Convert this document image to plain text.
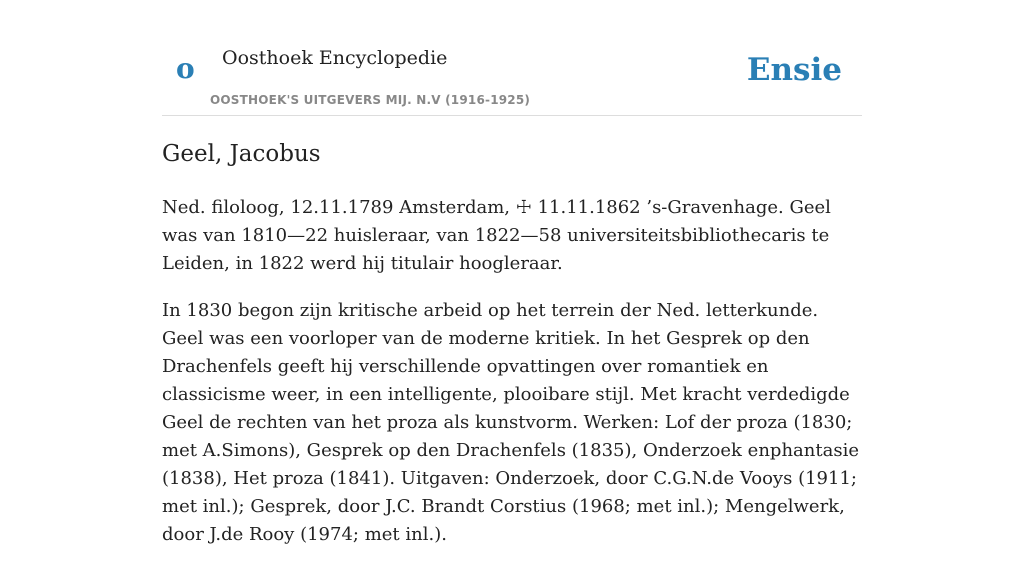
o Oosthoek Encyclopedie
OOSTHOEK'S UITGEVERS MIJ. N.V (1916-1925)
Ensie
Geel, Jacobus

Ned. filoloog, 12.11.1789 Amsterdam, ☩ 11.11.1862 ’s-Gravenhage. Geel was van 1810—22 huisleraar, van 1822—58 universiteitsbibliothecaris te Leiden, in 1822 werd hij titulair hoogleraar.

In 1830 begon zijn kritische arbeid op het terrein der Ned. letterkunde. Geel was een voorloper van de moderne kritiek. In het Gesprek op den Drachenfels geeft hij verschillende opvattingen over romantiek en classicisme weer, in een intelligente, plooibare stijl. Met kracht verdedigde Geel de rechten van het proza als kunstvorm. Werken: Lof der proza (1830; met A.Simons), Gesprek op den Drachenfels (1835), Onderzoek enphantasie (1838), Het proza (1841). Uitgaven: Onderzoek, door C.G.N.de Vooys (1911; met inl.); Gesprek, door J.C. Brandt Corstius (1968; met inl.); Mengelwerk, door J.de Rooy (1974; met inl.).
